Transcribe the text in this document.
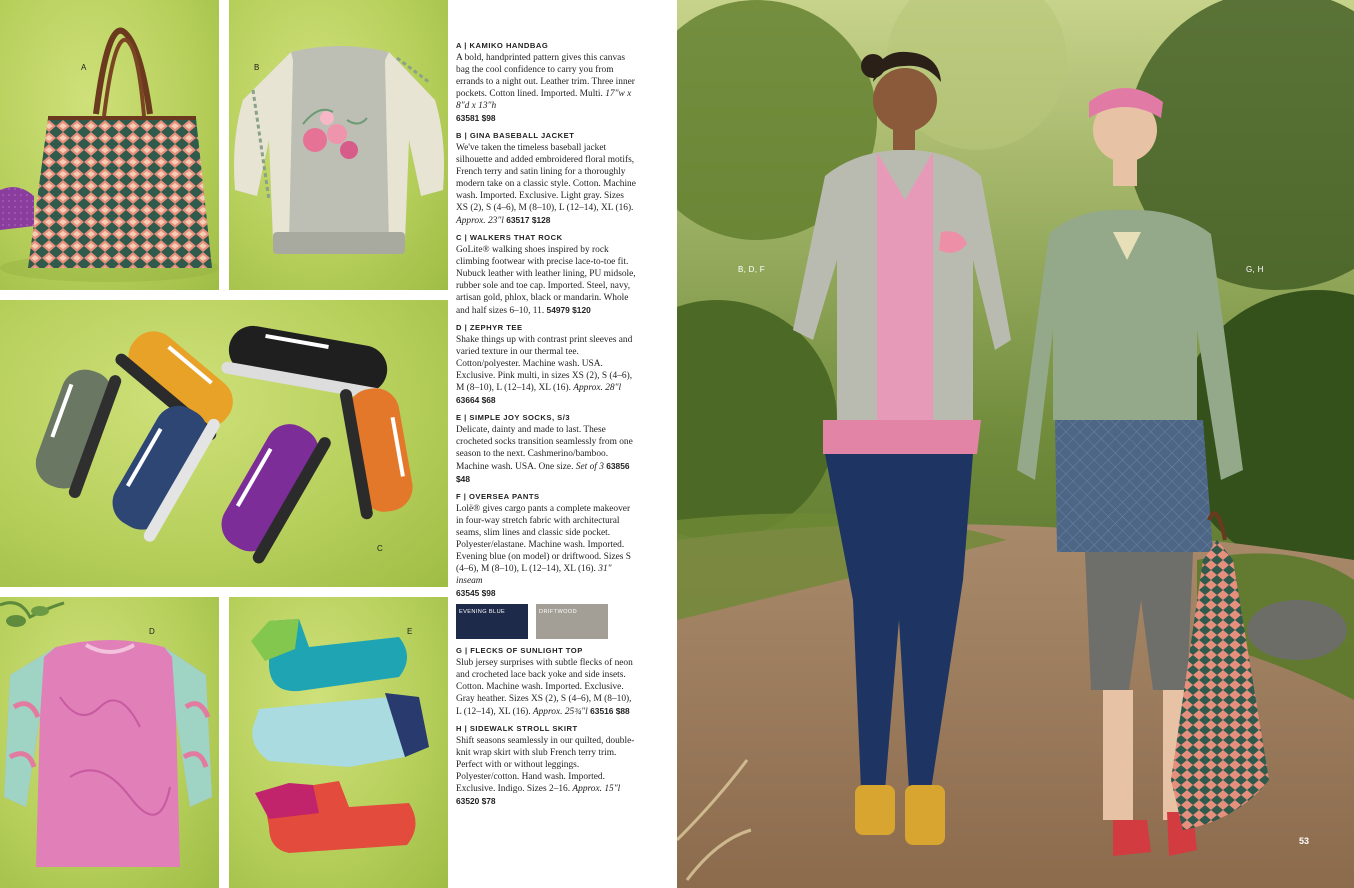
A	B
C
D	E
A | KAMIKO HANDBAG
A bold, handprinted pattern gives this canvas bag the cool confidence to carry you from errands to a night out. Leather trim. Three inner pockets. Cotton lined. Imported. Multi. 17"w x 8"d x 13"h
63581 $98
B | GINA BASEBALL JACKET
We've taken the timeless baseball jacket silhouette and added embroidered floral motifs, French terry and satin lining for a thoroughly modern take on a classic style. Cotton. Machine wash. Imported. Exclusive. Light gray. Sizes XS (2), S (4–6), M (8–10), L (12–14), XL (16). Approx. 23"l 63517 $128
C | WALKERS THAT ROCK
GoLite® walking shoes inspired by rock climbing footwear with precise lace-to-toe fit. Nubuck leather with leather lining, PU midsole, rubber sole and toe cap. Imported. Steel, navy, artisan gold, phlox, black or mandarin. Whole and half sizes 6–10, 11. 54979 $120
D | ZEPHYR TEE
Shake things up with contrast print sleeves and varied texture in our thermal tee. Cotton/polyester. Machine wash. USA. Exclusive. Pink multi, in sizes XS (2), S (4–6), M (8–10), L (12–14), XL (16). Approx. 28"l 63664 $68
E | SIMPLE JOY SOCKS, S/3
Delicate, dainty and made to last. These crocheted socks transition seamlessly from one season to the next. Cashmerino/bamboo. Machine wash. USA. One size. Set of 3 63856 $48
F | OVERSEA PANTS
Lolë® gives cargo pants a complete makeover in four-way stretch fabric with architectural seams, slim lines and classic side pocket. Polyester/elastane. Machine wash. Imported. Evening blue (on model) or driftwood. Sizes S (4–6), M (8–10), L (12–14), XL (16). 31" inseam
63545 $98
EVENING BLUE	DRIFTWOOD
G | FLECKS OF SUNLIGHT TOP
Slub jersey surprises with subtle flecks of neon and crocheted lace back yoke and side insets. Cotton. Machine wash. Imported. Exclusive. Gray heather. Sizes XS (2), S (4–6), M (8–10), L (12–14), XL (16). Approx. 25¾"l 63516 $88
H | SIDEWALK STROLL SKIRT
Shift seasons seamlessly in our quilted, double-knit wrap skirt with slub French terry trim. Perfect with or without leggings. Polyester/cotton. Hand wash. Imported. Exclusive. Indigo. Sizes 2–16. Approx. 15"l 63520 $78
B, D, F	G, H
53
